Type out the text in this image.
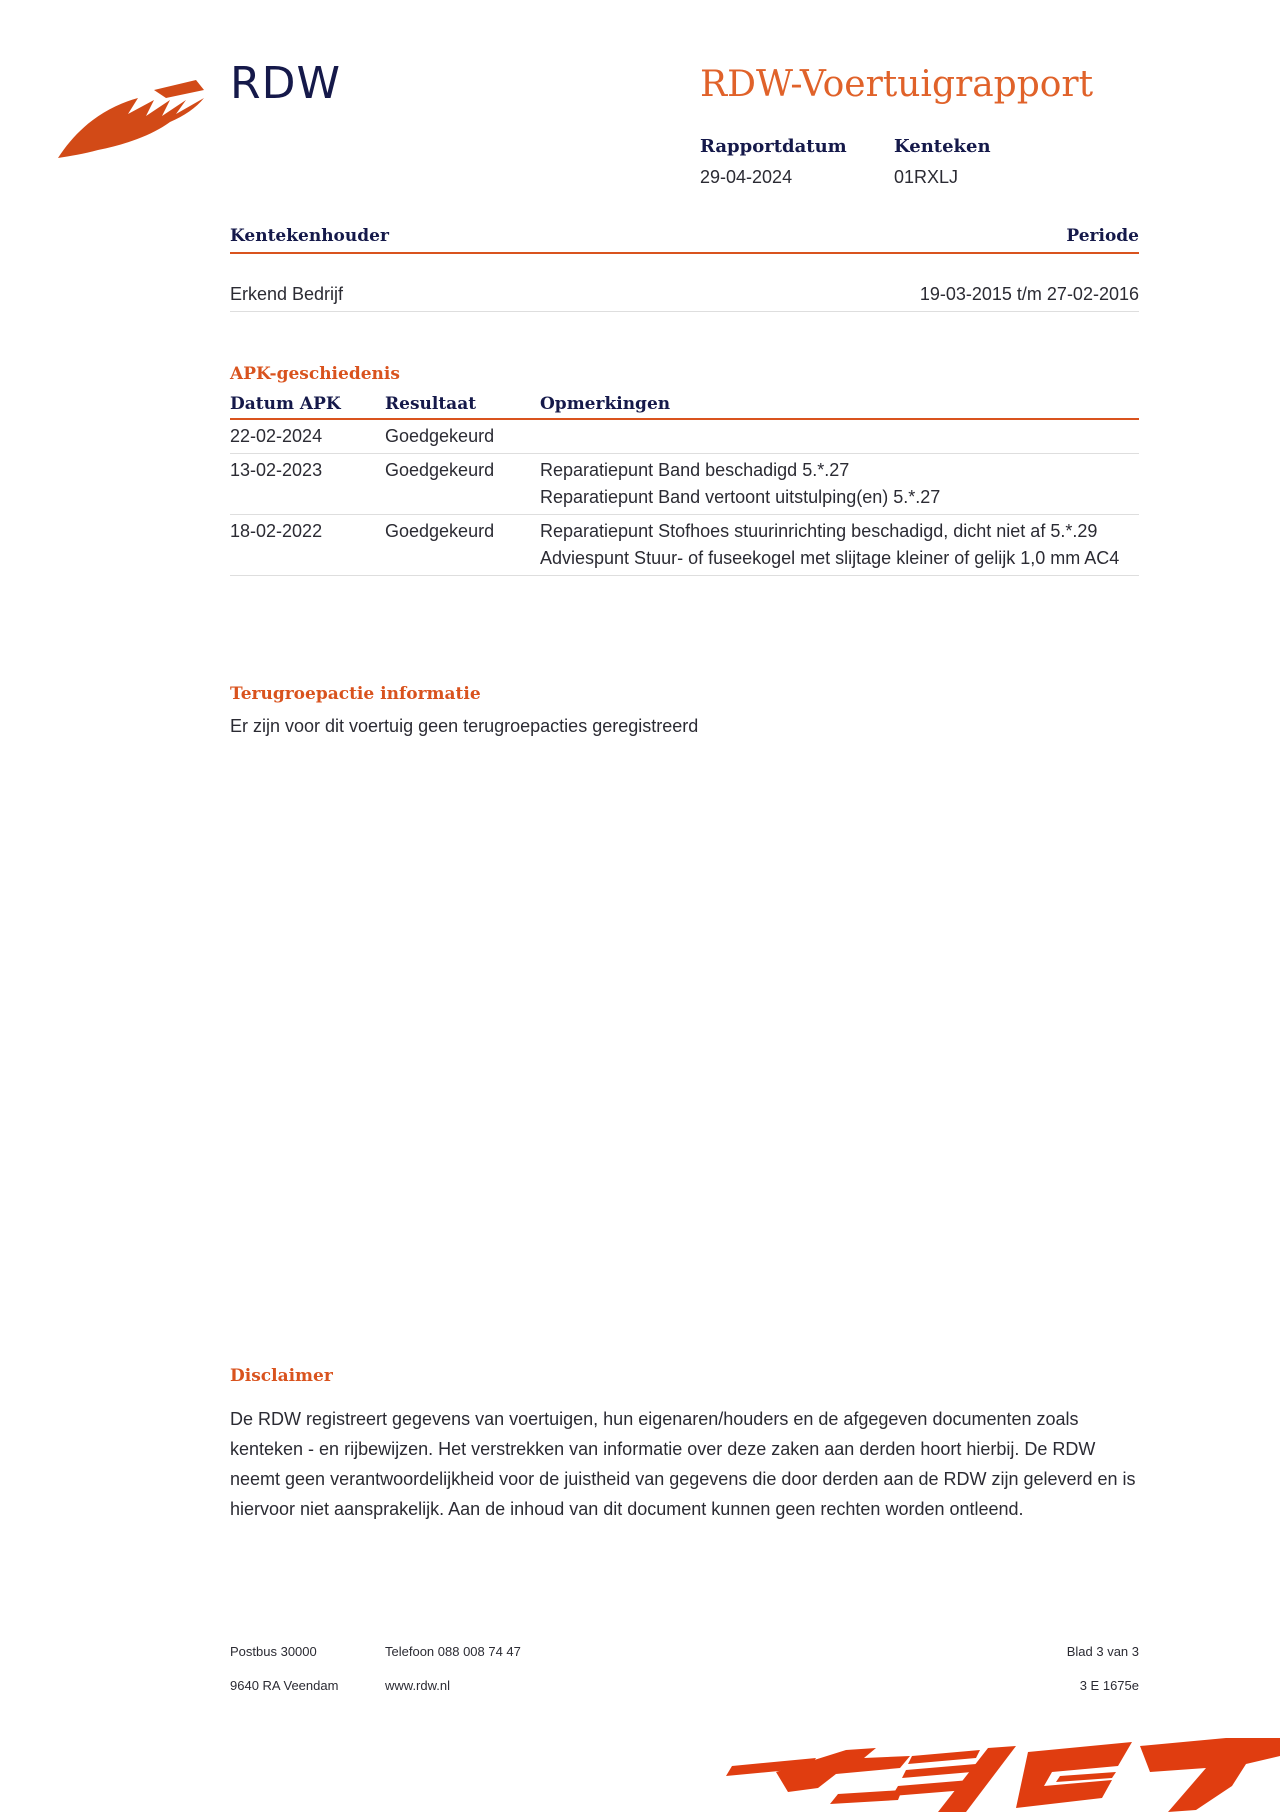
RDW	RDW-Voertuigrapport
Rapportdatum
29-04-2024
Kenteken
01RXLJ
Kentekenhouder	Periode
Erkend Bedrijf	19-03-2015 t/m 27-02-2016
APK-geschiedenis
Datum APK	Resultaat	Opmerkingen
22-02-2024	Goedgekeurd	
13-02-2023	Goedgekeurd	Reparatiepunt Band beschadigd 5.*.27
Reparatiepunt Band vertoont uitstulping(en) 5.*.27

18-02-2022	Goedgekeurd	Reparatiepunt Stofhoes stuurinrichting beschadigd, dicht niet af 5.*.29
Adviespunt Stuur- of fuseekogel met slijtage kleiner of gelijk 1,0 mm AC4
Terugroepactie informatie
Er zijn voor dit voertuig geen terugroepacties geregistreerd
Disclaimer
De RDW registreert gegevens van voertuigen, hun eigenaren/houders en de afgegeven documenten zoals kenteken - en rijbewijzen. Het verstrekken van informatie over deze zaken aan derden hoort hierbij. De RDW neemt geen verantwoordelijkheid voor de juistheid van gegevens die door derden aan de RDW zijn geleverd en is hiervoor niet aansprakelijk. Aan de inhoud van dit document kunnen geen rechten worden ontleend.
Postbus 30000
9640 RA Veendam
Telefoon 088 008 74 47
www.rdw.nl
Blad 3 van 3
3 E 1675e
